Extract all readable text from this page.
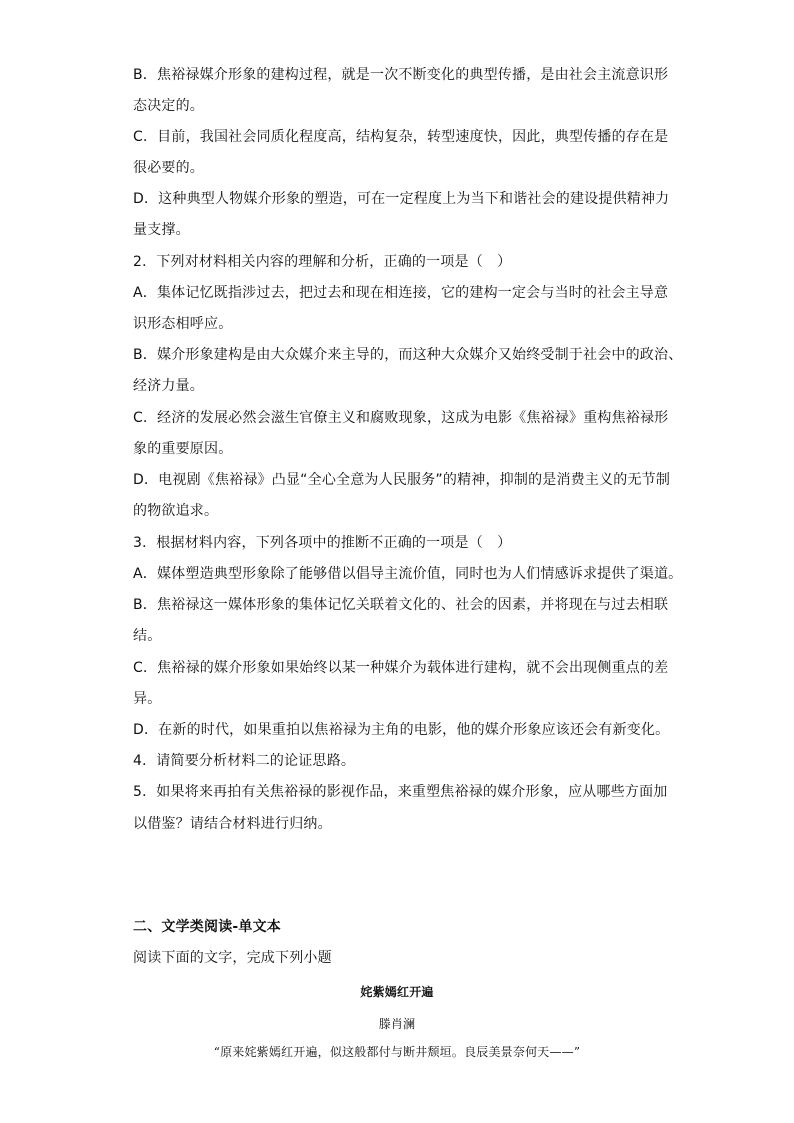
B．焦裕禄媒介形象的建构过程，就是一次不断变化的典型传播，是由社会主流意识形
态决定的。
C．目前，我国社会同质化程度高，结构复杂，转型速度快，因此，典型传播的存在是
很必要的。
D．这种典型人物媒介形象的塑造，可在一定程度上为当下和谐社会的建设提供精神力
量支撑。
2．下列对材料相关内容的理解和分析，正确的一项是（　）
A．集体记忆既指涉过去，把过去和现在相连接，它的建构一定会与当时的社会主导意
识形态相呼应。
B．媒介形象建构是由大众媒介来主导的，而这种大众媒介又始终受制于社会中的政治、
经济力量。
C．经济的发展必然会滋生官僚主义和腐败现象，这成为电影《焦裕禄》重构焦裕禄形
象的重要原因。
D．电视剧《焦裕禄》凸显“全心全意为人民服务”的精神，抑制的是消费主义的无节制
的物欲追求。
3．根据材料内容，下列各项中的推断不正确的一项是（　）
A．媒体塑造典型形象除了能够借以倡导主流价值，同时也为人们情感诉求提供了渠道。
B．焦裕禄这一媒体形象的集体记忆关联着文化的、社会的因素，并将现在与过去相联
结。
C．焦裕禄的媒介形象如果始终以某一种媒介为载体进行建构，就不会出现侧重点的差
异。
D．在新的时代，如果重拍以焦裕禄为主角的电影，他的媒介形象应该还会有新变化。
4．请简要分析材料二的论证思路。
5．如果将来再拍有关焦裕禄的影视作品，来重塑焦裕禄的媒介形象，应从哪些方面加
以借鉴？请结合材料进行归纳。
二、文学类阅读-单文本
阅读下面的文字，完成下列小题
姹紫嫣红开遍
滕肖澜
“原来姹紫嫣红开遍，似这般都付与断井颓垣。良辰美景奈何天——”
